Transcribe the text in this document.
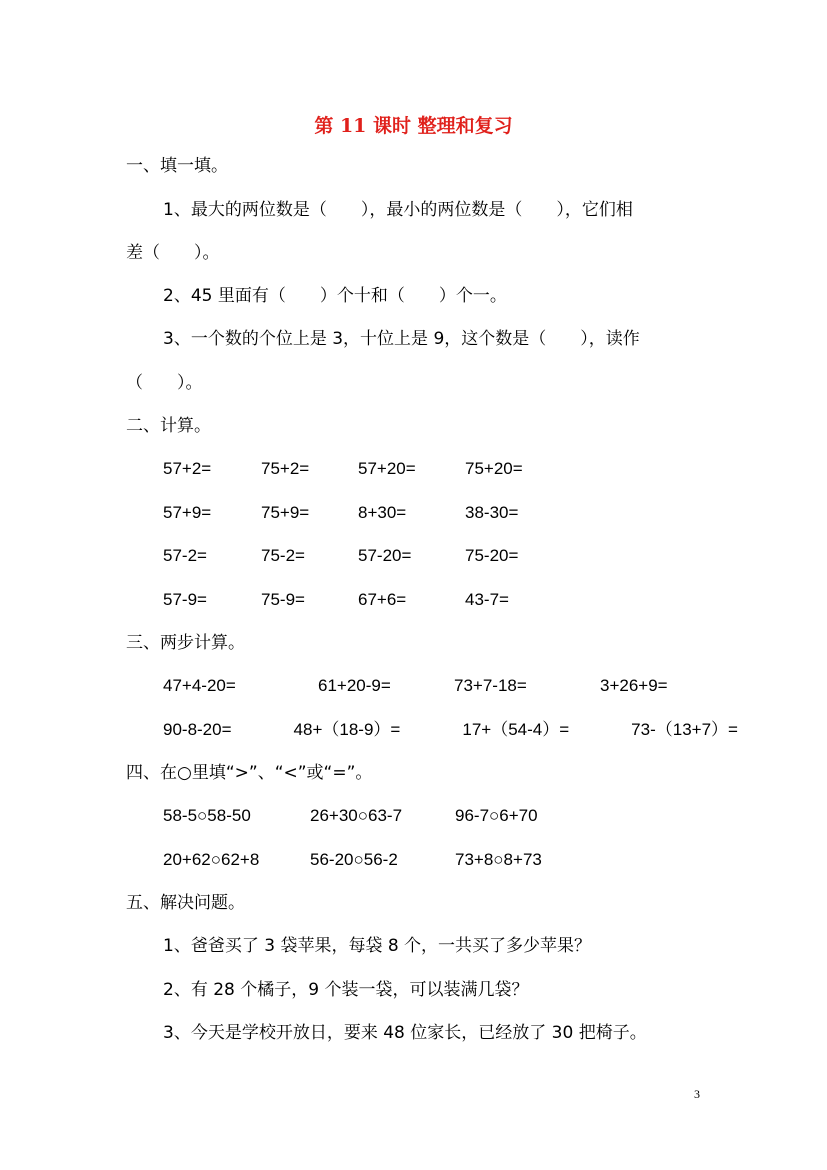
第 11 课时 整理和复习
一、填一填。
1、最大的两位数是（　　），最小的两位数是（　　），它们相
差（　　）。
2、45 里面有（　　）个十和（　　）个一。
3、一个数的个位上是 3，十位上是 9，这个数是（　　），读作
（　　）。
二、计算。
57+2=	75+2=	57+20=	75+20=
57+9=	75+9=	8+30=	38-30=
57-2=	75-2=	57-20=	75-20=
57-9=	75-9=	67+6=	43-7=
三、两步计算。
47+4-20=	61+20-9=	73+7-18=	3+26+9=
90-8-20=	48+（18-9）=	17+（54-4）=	73-（13+7）=
四、在○里填“>”、“<”或“=”。
58-5○58-50	26+30○63-7	96-7○6+70
20+62○62+8	56-20○56-2	73+8○8+73
五、解决问题。
1、爸爸买了 3 袋苹果，每袋 8 个，一共买了多少苹果？
2、有 28 个橘子，9 个装一袋，可以装满几袋？
3、今天是学校开放日，要来 48 位家长，已经放了 30 把椅子。
3
